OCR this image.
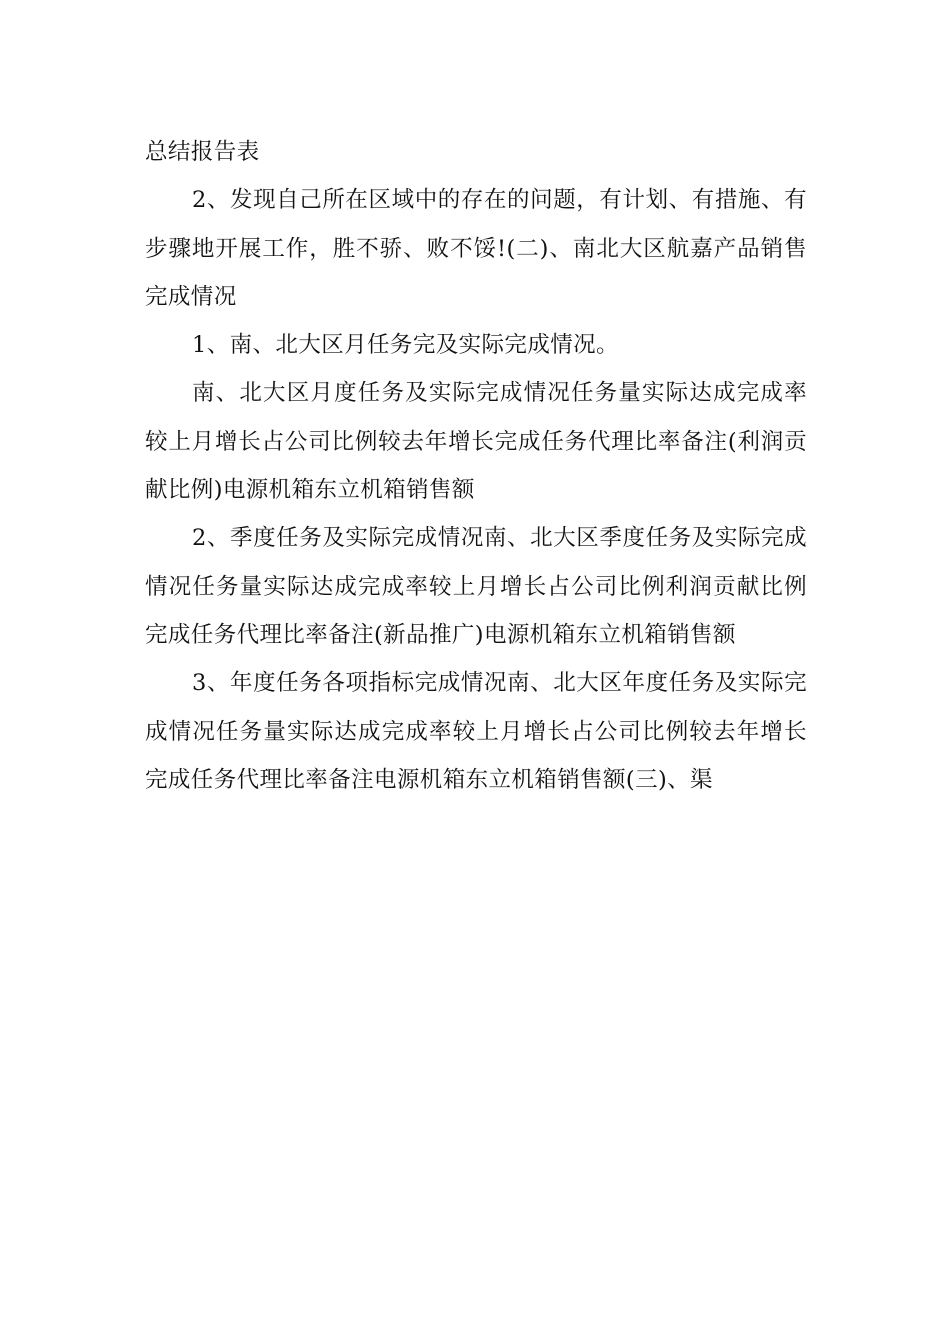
总结报告表

2、发现自己所在区域中的存在的问题，有计划、有措施、有步骤地开展工作，胜不骄、败不馁!(二)、南北大区航嘉产品销售完成情况

1、南、北大区月任务完及实际完成情况。

南、北大区月度任务及实际完成情况任务量实际达成完成率较上月增长占公司比例较去年增长完成任务代理比率备注(利润贡献比例)电源机箱东立机箱销售额

2、季度任务及实际完成情况南、北大区季度任务及实际完成情况任务量实际达成完成率较上月增长占公司比例利润贡献比例完成任务代理比率备注(新品推广)电源机箱东立机箱销售额

3、年度任务各项指标完成情况南、北大区年度任务及实际完成情况任务量实际达成完成率较上月增长占公司比例较去年增长完成任务代理比率备注电源机箱东立机箱销售额(三)、渠
